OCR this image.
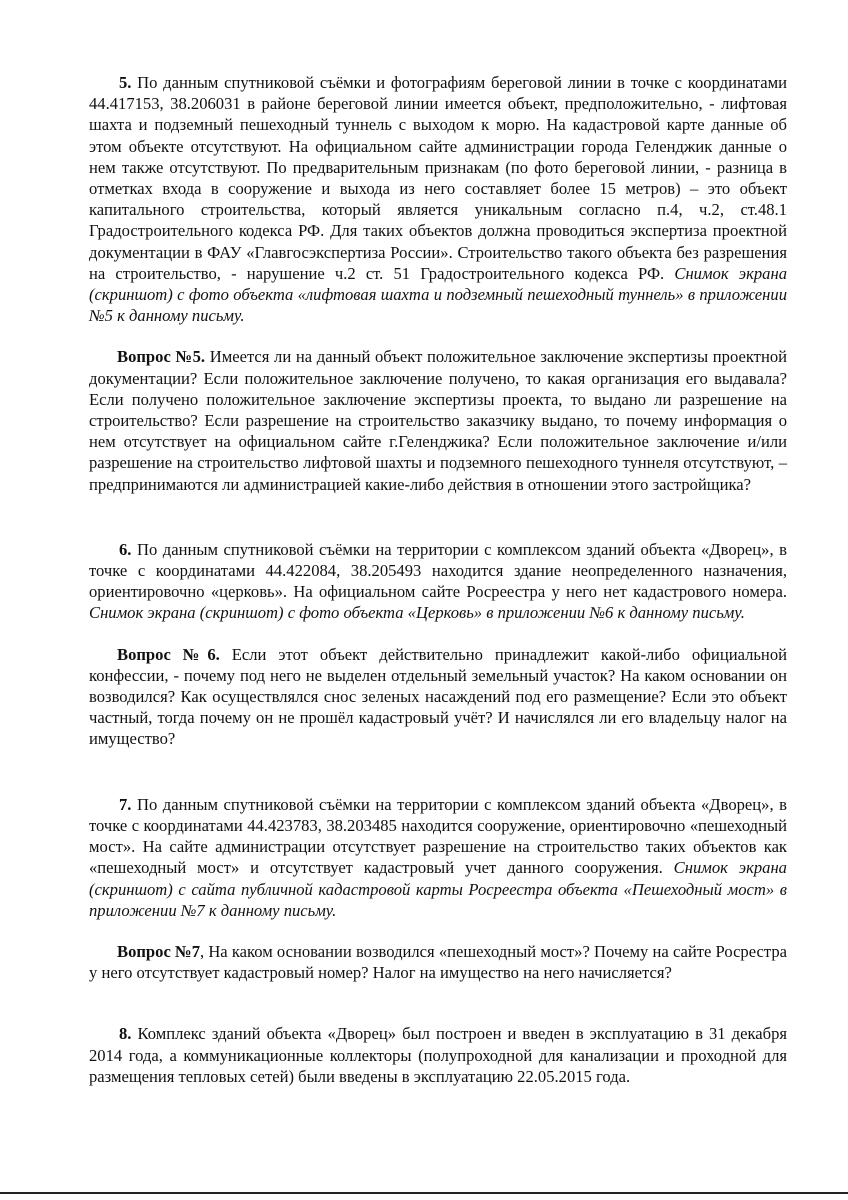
5. По данным спутниковой съёмки и фотографиям береговой линии в точке с координатами 44.417153, 38.206031 в районе береговой линии имеется объект, предположительно, - лифтовая шахта и подземный пешеходный туннель с выходом к морю. На кадастровой карте данные об этом объекте отсутствуют. На официальном сайте администрации города Геленджик данные о нем также отсутствуют. По предварительным признакам (по фото береговой линии, - разница в отметках входа в сооружение и выхода из него составляет более 15 метров) – это объект капитального строительства, который является уникальным согласно п.4, ч.2, ст.48.1 Градостроительного кодекса РФ. Для таких объектов должна проводиться экспертиза проектной документации в ФАУ «Главгосэкспертиза России». Строительство такого объекта без разрешения на строительство, - нарушение ч.2 ст. 51 Градостроительного кодекса РФ. Снимок экрана (скриншот) с фото объекта «лифтовая шахта и подземный пешеходный туннель» в приложении №5 к данному письму.

Вопрос №5. Имеется ли на данный объект положительное заключение экспертизы проектной документации? Если положительное заключение получено, то какая организация его выдавала? Если получено положительное заключение экспертизы проекта, то выдано ли разрешение на строительство? Если разрешение на строительство заказчику выдано, то почему информация о нем отсутствует на официальном сайте г.Геленджика? Если положительное заключение и/или разрешение на строительство лифтовой шахты и подземного пешеходного туннеля отсутствуют, – предпринимаются ли администрацией какие-либо действия в отношении этого застройщика?

6. По данным спутниковой съёмки на территории с комплексом зданий объекта «Дворец», в точке с координатами 44.422084, 38.205493 находится здание неопределенного назначения, ориентировочно «церковь». На официальном сайте Росреестра у него нет кадастрового номера. Снимок экрана (скриншот) с фото объекта «Церковь» в приложении №6 к данному письму.

Вопрос №6. Если этот объект действительно принадлежит какой-либо официальной конфессии, - почему под него не выделен отдельный земельный участок? На каком основании он возводился? Как осуществлялся снос зеленых насаждений под его размещение? Если это объект частный, тогда почему он не прошёл кадастровый учёт? И начислялся ли его владельцу налог на имущество?

7. По данным спутниковой съёмки на территории с комплексом зданий объекта «Дворец», в точке с координатами 44.423783, 38.203485 находится сооружение, ориентировочно «пешеходный мост». На сайте администрации отсутствует разрешение на строительство таких объектов как «пешеходный мост» и отсутствует кадастровый учет данного сооружения. Снимок экрана (скриншот) с сайта публичной кадастровой карты Росреестра объекта «Пешеходный мост» в приложении №7 к данному письму.

Вопрос №7, На каком основании возводился «пешеходный мост»? Почему на сайте Росрестра у него отсутствует кадастровый номер? Налог на имущество на него начисляется?

8. Комплекс зданий объекта «Дворец» был построен и введен в эксплуатацию в 31 декабря 2014 года, а коммуникационные коллекторы (полупроходной для канализации и проходной для размещения тепловых сетей) были введены в эксплуатацию 22.05.2015 года.
